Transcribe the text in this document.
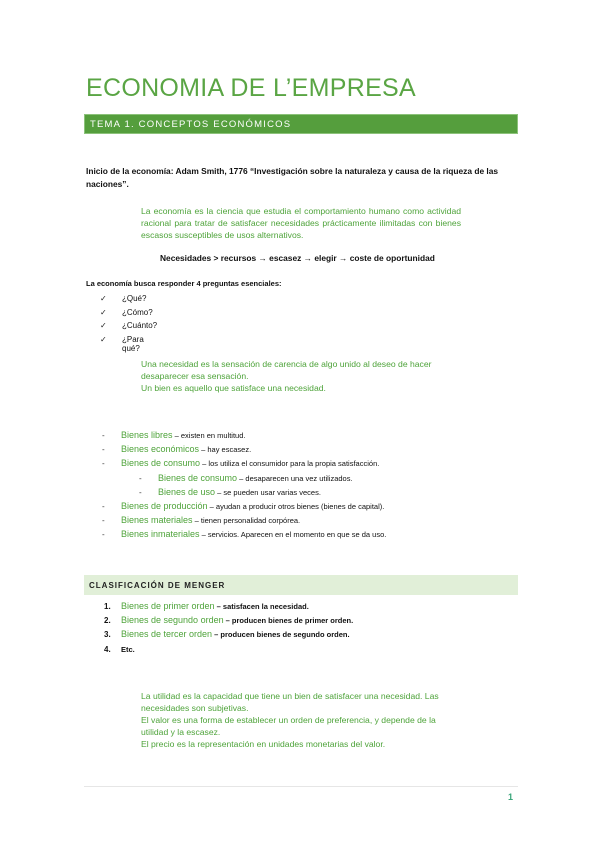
ECONOMIA DE L’EMPRESA
TEMA 1. CONCEPTOS ECONÓMICOS
Inicio de la economía: Adam Smith, 1776 “Investigación sobre la naturaleza y causa de la riqueza de las naciones”.
La economía es la ciencia que estudia el comportamiento humano como actividad racional para tratar de satisfacer necesidades prácticamente ilimitadas con bienes escasos susceptibles de usos alternativos.
Necesidades > recursos → escasez → elegir → coste de oportunidad
La economía busca responder 4 preguntas esenciales:
✓ ¿Qué?
✓ ¿Cómo?
✓ ¿Cuánto?
✓ ¿Para qué?
Una necesidad es la sensación de carencia de algo unido al deseo de hacer desaparecer esa sensación.
Un bien es aquello que satisface una necesidad.
- Bienes libres – existen en multitud.
- Bienes económicos – hay escasez.
- Bienes de consumo – los utiliza el consumidor para la propia satisfacción.
- Bienes de consumo – desaparecen una vez utilizados.
- Bienes de uso – se pueden usar varias veces.
- Bienes de producción – ayudan a producir otros bienes (bienes de capital).
- Bienes materiales – tienen personalidad corpórea.
- Bienes inmateriales – servicios. Aparecen en el momento en que se da uso.
CLASIFICACIÓN DE MENGER
1. Bienes de primer orden – satisfacen la necesidad.
2. Bienes de segundo orden – producen bienes de primer orden.
3. Bienes de tercer orden – producen bienes de segundo orden.
4. Etc.
La utilidad es la capacidad que tiene un bien de satisfacer una necesidad. Las necesidades son subjetivas.
El valor es una forma de establecer un orden de preferencia, y depende de la utilidad y la escasez.
El precio es la representación en unidades monetarias del valor.
1
